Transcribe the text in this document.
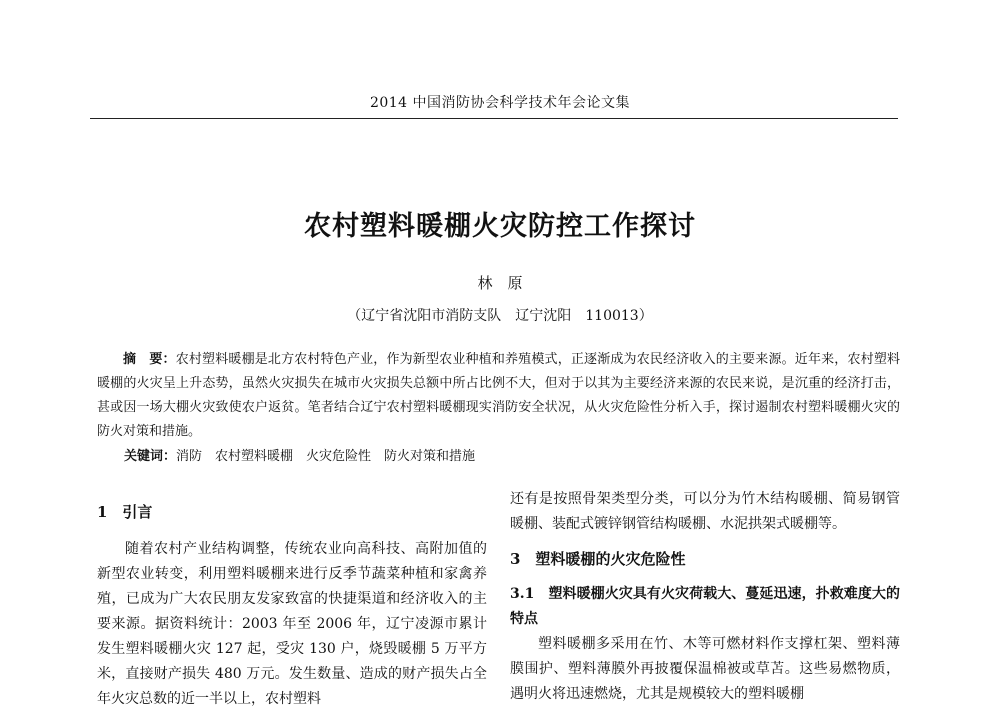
2014 中国消防协会科学技术年会论文集
农村塑料暖棚火灾防控工作探讨
林　原
（辽宁省沈阳市消防支队　辽宁沈阳　110013）
摘　要：农村塑料暖棚是北方农村特色产业，作为新型农业种植和养殖模式，正逐渐成为农民经济收入的主要来源。近年来，农村塑料暖棚的火灾呈上升态势，虽然火灾损失在城市火灾损失总额中所占比例不大，但对于以其为主要经济来源的农民来说，是沉重的经济打击，甚或因一场大棚火灾致使农户返贫。笔者结合辽宁农村塑料暖棚现实消防安全状况，从火灾危险性分析入手，探讨遏制农村塑料暖棚火灾的防火对策和措施。
关键词：消防　农村塑料暖棚　火灾危险性　防火对策和措施

1　引言

随着农村产业结构调整，传统农业向高科技、高附加值的新型农业转变，利用塑料暖棚来进行反季节蔬菜种植和家禽养殖，已成为广大农民朋友发家致富的快捷渠道和经济收入的主要来源。据资料统计：2003 年至 2006 年，辽宁凌源市累计发生塑料暖棚火灾 127 起，受灾 130 户，烧毁暖棚 5 万平方米，直接财产损失 480 万元。发生数量、造成的财产损失占全年火灾总数的近一半以上，农村塑料

还有是按照骨架类型分类，可以分为竹木结构暖棚、简易钢管暖棚、装配式镀锌钢管结构暖棚、水泥拱架式暖棚等。

3　塑料暖棚的火灾危险性

3.1　塑料暖棚火灾具有火灾荷载大、蔓延迅速，扑救难度大的特点

塑料暖棚多采用在竹、木等可燃材料作支撑杠架、塑料薄膜围护、塑料薄膜外再披覆保温棉被或草苫。这些易燃物质，遇明火将迅速燃烧，尤其是规模较大的塑料暖棚
